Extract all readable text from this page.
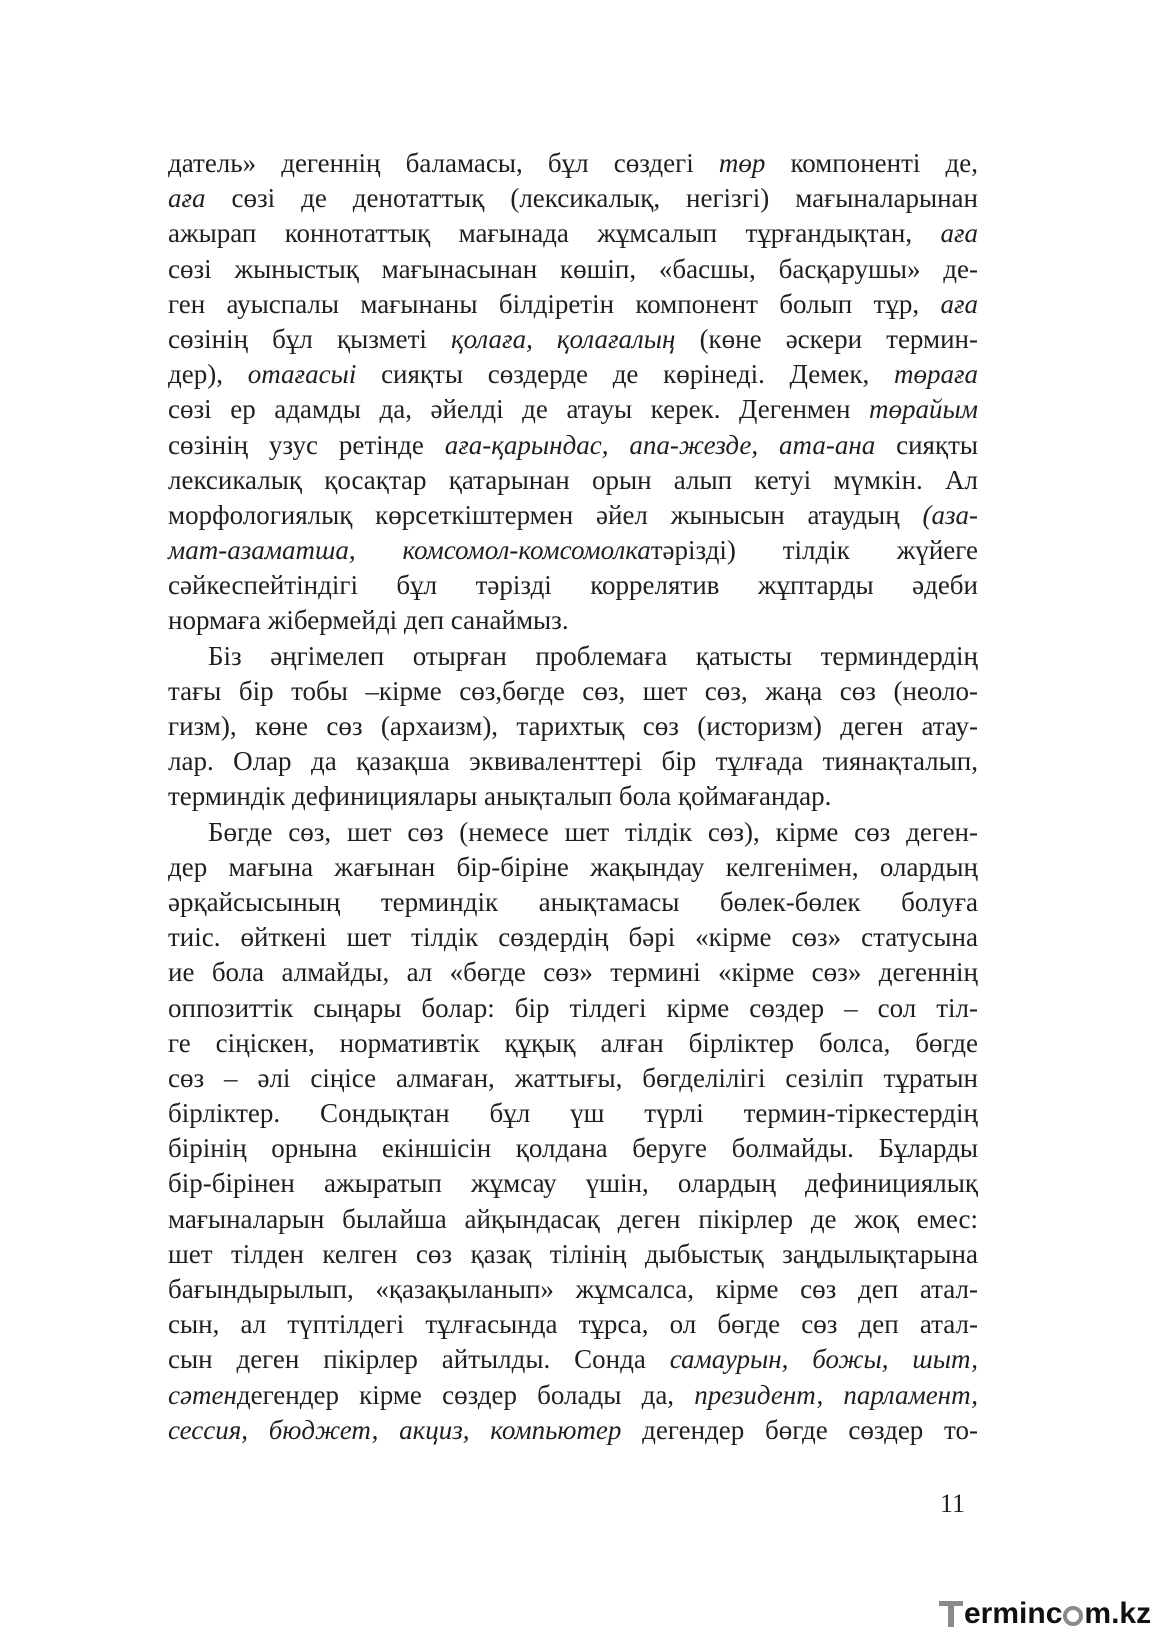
датель» дегеннің баламасы, бұл сөздегі төр компоненті де,
аға сөзі де денотаттық (лексикалық, негізгі) мағыналарынан
ажырап коннотаттық мағынада жұмсалып тұрғандықтан, аға
сөзі жыныстық мағынасынан көшіп, «басшы, басқарушы» де-
ген ауыспалы мағынаны білдіретін компонент болып тұр, аға
сөзінің бұл қызметі қолаға, қолағалың (көне әскери термин-
дер), отағасыі сияқты сөздерде де көрінеді. Демек, төраға
сөзі ер адамды да, әйелді де атауы керек. Дегенмен төрайым
сөзінің узус ретінде аға-қарындас, апа-жезде, ата-ана сияқты
лексикалық қосақтар қатарынан орын алып кетуі мүмкін. Ал
морфологиялық көрсеткіштермен әйел жынысын атаудың (аза-
мат-азаматша, комсомол-комсомолкатәрізді) тілдік жүйеге
сәйкеспейтіндігі бұл тәрізді коррелятив жұптарды әдеби
нормаға жібермейді деп санаймыз.
Біз әңгімелеп отырған проблемаға қатысты терминдердің
тағы бір тобы –кірме сөз,бөгде сөз, шет сөз, жаңа сөз (неоло-
гизм), көне сөз (архаизм), тарихтық сөз (историзм) деген атау-
лар. Олар да қазақша эквиваленттері бір тұлғада тиянақталып,
терминдік дефинициялары анықталып бола қоймағандар.
Бөгде сөз, шет сөз (немесе шет тілдік сөз), кірме сөз деген-
дер мағына жағынан бір-біріне жақындау келгенімен, олардың
әрқайсысының терминдік анықтамасы бөлек-бөлек болуға
тиіс. өйткені шет тілдік сөздердің бәрі «кірме сөз» статусына
ие бола алмайды, ал «бөгде сөз» термині «кірме сөз» дегеннің
оппозиттік сыңары болар: бір тілдегі кірме сөздер – сол тіл-
ге сіңіскен, нормативтік құқық алған бірліктер болса, бөгде
сөз – әлі сіңісе алмаған, жаттығы, бөгделілігі сезіліп тұратын
бірліктер. Сондықтан бұл үш түрлі термин-тіркестердің
бірінің орнына екіншісін қолдана беруге болмайды. Бұларды
бір-бірінен ажыратып жұмсау үшін, олардың дефинициялық
мағыналарын былайша айқындасақ деген пікірлер де жоқ емес:
шет тілден келген сөз қазақ тілінің дыбыстық заңдылықтарына
бағындырылып, «қазақыланып» жұмсалса, кірме сөз деп атал-
сын, ал түптілдегі тұлғасында тұрса, ол бөгде сөз деп атал-
сын деген пікірлер айтылды. Сонда самаурын, божы, шыт,
сәтендегендер кірме сөздер болады да, президент, парламент,
сессия, бюджет, акциз, компьютер дегендер бөгде сөздер то-
11
ermin c m.kz
